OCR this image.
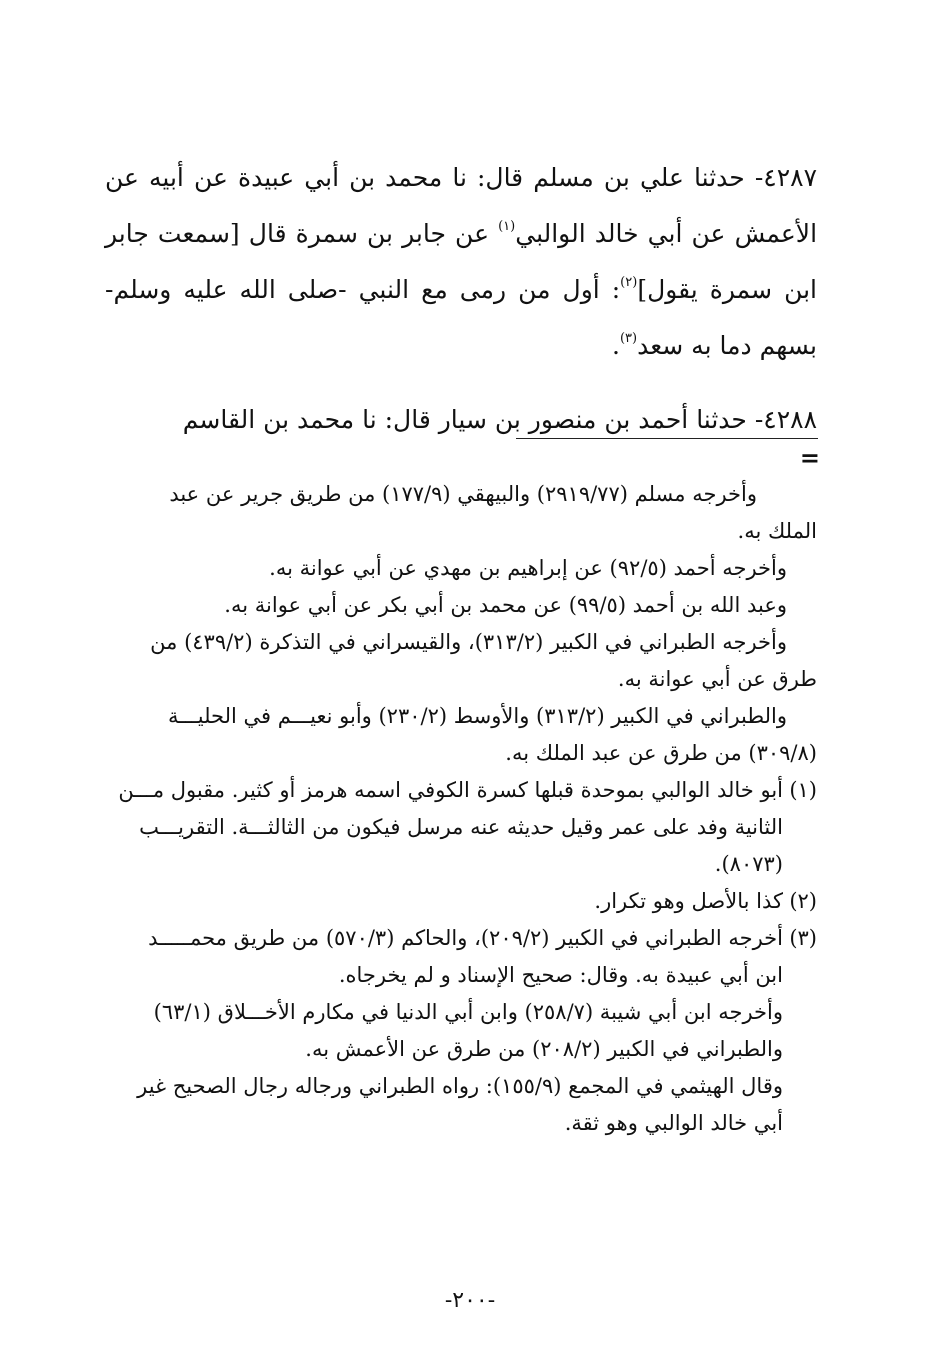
٤٢٨٧- حدثنا علي بن مسلم قال: نا محمد بن أبي عبيدة عن أبيه عن الأعمش عن أبي خالد الوالبي$^{(١)}$ عن جابر بن سمرة قال [سمعت جابر ابن سمرة يقول]$^{(٢)}$: أول من رمى مع النبي -صلى الله عليه وسلم- بسهم دما به سعد$^{(٣)}$.

٤٢٨٨- حدثنا أحمد بن منصور بن سيار قال: نا محمد بن القاسم

=

وأخرجه مسلم (٢٩١٩/٧٧) والبيهقي (١٧٧/٩) من طريق جرير عن عبد

الملك به.

وأخرجه أحمد (٩٢/٥) عن إبراهيم بن مهدي عن أبي عوانة به.

وعبد الله بن أحمد (٩٩/٥) عن محمد بن أبي بكر عن أبي عوانة به.

وأخرجه الطبراني في الكبير (٣١٣/٢)، والقيسراني في التذكرة (٤٣٩/٢) من

طرق عن أبي عوانة به.

والطبراني في الكبير (٣١٣/٢) والأوسط (٢٣٠/٢) وأبو نعيـــم في الحليـــة

(٣٠٩/٨) من طرق عن عبد الملك به.

(١)

أبو خالد الوالبي بموحدة قبلها كسرة الكوفي اسمه هرمز أو كثير. مقبول مـــن

الثانية وفد على عمر وقيل حديثه عنه مرسل فيكون من الثالثـــة. التقريـــب

(٨٠٧٣).

(٢)

كذا بالأصل وهو تكرار.

(٣)

أخرجه الطبراني في الكبير (٢٠٩/٢)، والحاكم (٥٧٠/٣) من طريق محمـــــد

ابن أبي عبيدة به. وقال: صحيح الإسناد و لم يخرجاه.

وأخرجه ابن أبي شيبة (٢٥٨/٧) وابن أبي الدنيا في مكارم الأخـــلاق (٦٣/١)

والطبراني في الكبير (٢٠٨/٢) من طرق عن الأعمش به.

وقال الهيثمي في المجمع (١٥٥/٩): رواه الطبراني ورجاله رجال الصحيح غير

أبي خالد الوالبي وهو ثقة.

-٢٠٠-
